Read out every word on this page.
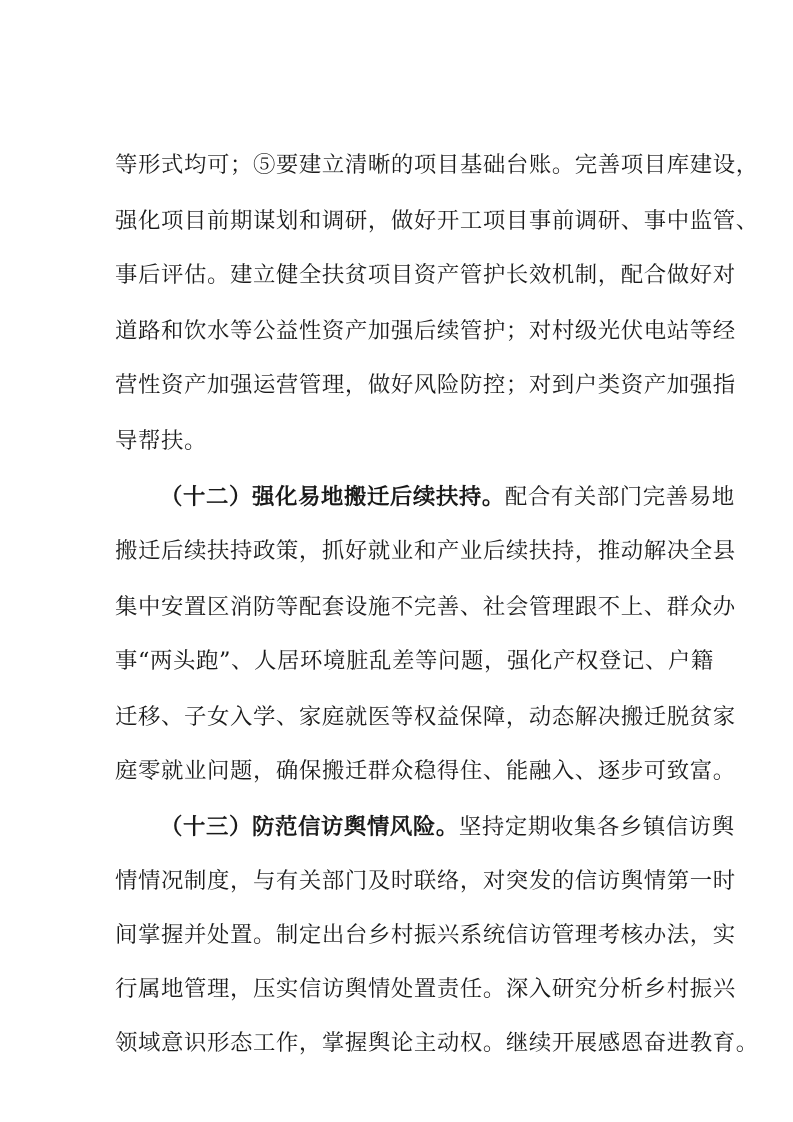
等形式均可；⑤要建立清晰的项目基础台账。完善项目库建设，
强化项目前期谋划和调研，做好开工项目事前调研、事中监管、
事后评估。建立健全扶贫项目资产管护长效机制，配合做好对
道路和饮水等公益性资产加强后续管护；对村级光伏电站等经
营性资产加强运营管理，做好风险防控；对到户类资产加强指
导帮扶。
（十二）强化易地搬迁后续扶持。配合有关部门完善易地
搬迁后续扶持政策，抓好就业和产业后续扶持，推动解决全县
集中安置区消防等配套设施不完善、社会管理跟不上、群众办
事“两头跑”、人居环境脏乱差等问题，强化产权登记、户籍
迁移、子女入学、家庭就医等权益保障，动态解决搬迁脱贫家
庭零就业问题，确保搬迁群众稳得住、能融入、逐步可致富。
（十三）防范信访舆情风险。坚持定期收集各乡镇信访舆
情情况制度，与有关部门及时联络，对突发的信访舆情第一时
间掌握并处置。制定出台乡村振兴系统信访管理考核办法，实
行属地管理，压实信访舆情处置责任。深入研究分析乡村振兴
领域意识形态工作，掌握舆论主动权。继续开展感恩奋进教育。
